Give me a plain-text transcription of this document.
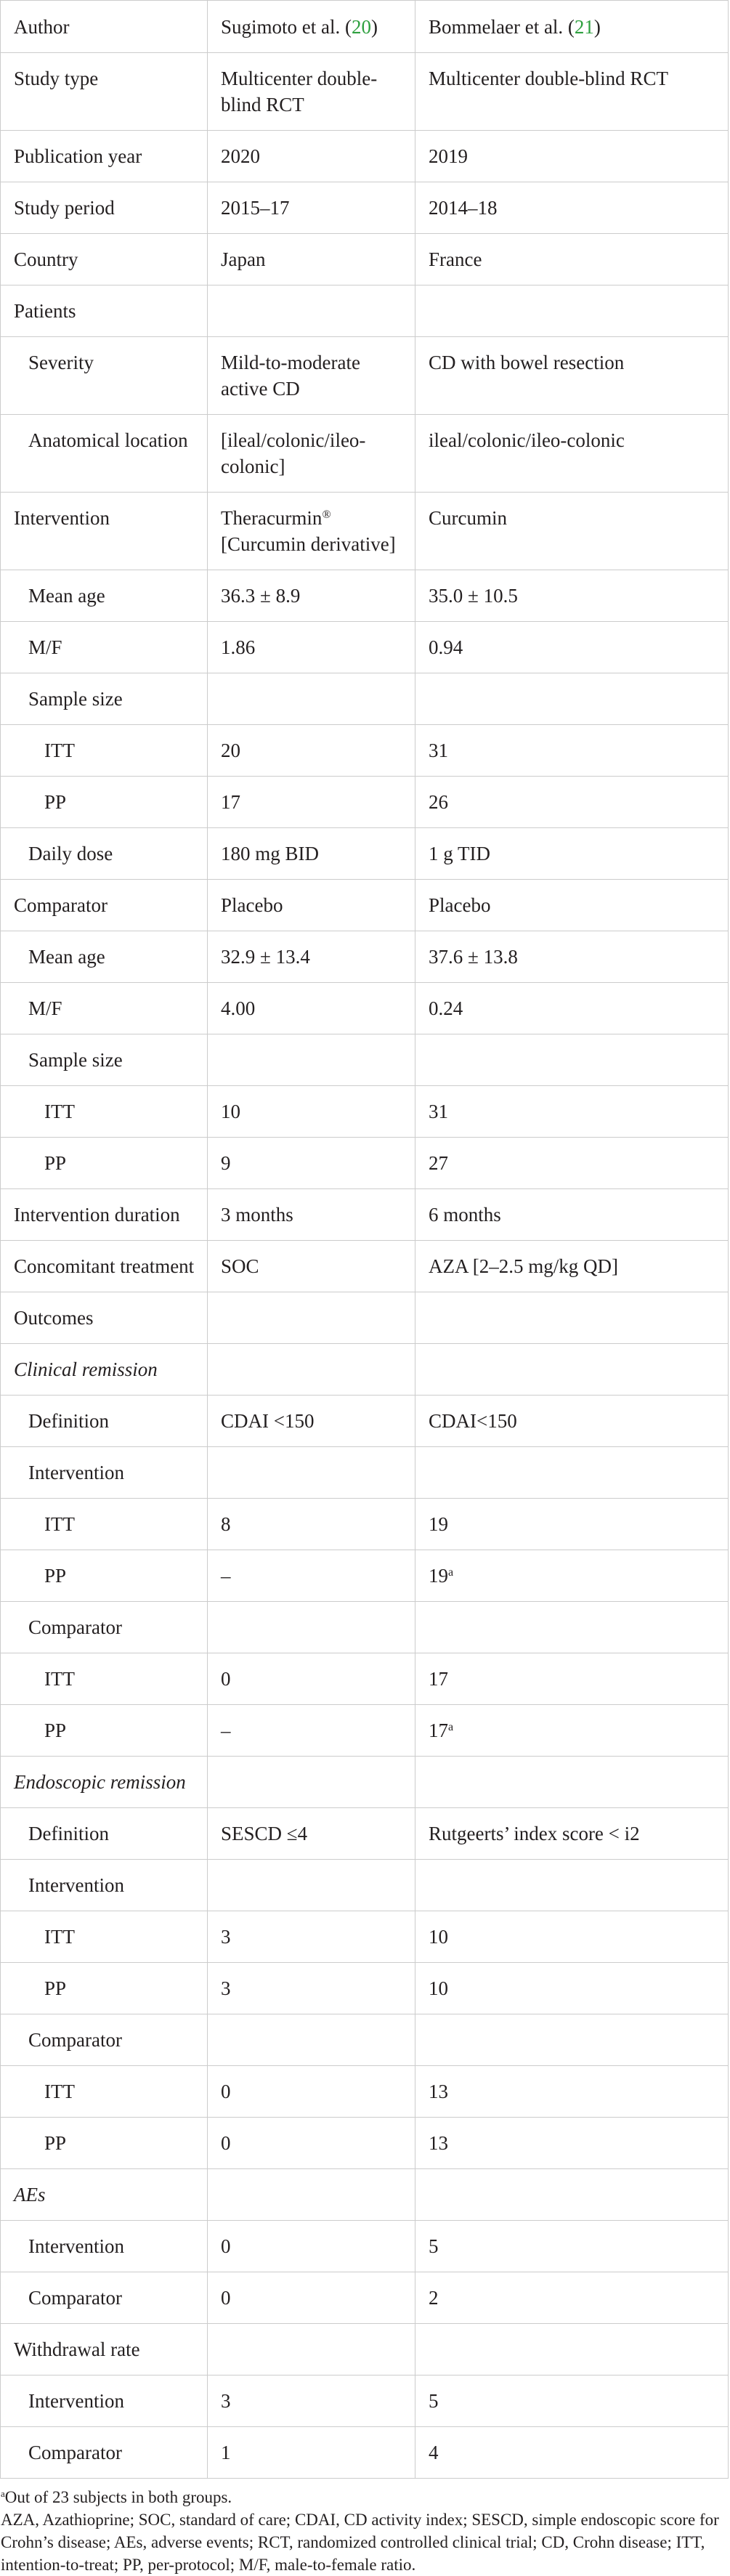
Author	Sugimoto et al. (20)	Bommelaer et al. (21)
Study type	Multicenter double-blind RCT	Multicenter double-blind RCT
Publication year	2020	2019
Study period	2015–17	2014–18
Country	Japan	France
Patients		
Severity	Mild-to-moderate active CD	CD with bowel resection
Anatomical location	[ileal/colonic/ileo-colonic]	ileal/colonic/ileo-colonic
Intervention	Theracurmin® [Curcumin derivative]	Curcumin
Mean age	36.3 ± 8.9	35.0 ± 10.5
M/F	1.86	0.94
Sample size		
ITT	20	31
PP	17	26
Daily dose	180 mg BID	1 g TID
Comparator	Placebo	Placebo
Mean age	32.9 ± 13.4	37.6 ± 13.8
M/F	4.00	0.24
Sample size		
ITT	10	31
PP	9	27
Intervention duration	3 months	6 months
Concomitant treatment	SOC	AZA [2–2.5 mg/kg QD]
Outcomes		
Clinical remission		
Definition	CDAI <150	CDAI<150
Intervention		
ITT	8	19
PP	–	19$^a$
Comparator		
ITT	0	17
PP	–	17$^a$
Endoscopic remission		
Definition	SESCD ≤4	Rutgeerts’ index score < i2
Intervention		
ITT	3	10
PP	3	10
Comparator		
ITT	0	13
PP	0	13
AEs		
Intervention	0	5
Comparator	0	2
Withdrawal rate		
Intervention	3	5
Comparator	1	4

$^a$Out of 23 subjects in both groups.

AZA, Azathioprine; SOC, standard of care; CDAI, CD activity index; SESCD, simple endoscopic score for Crohn’s disease; AEs, adverse events; RCT, randomized controlled clinical trial; CD, Crohn disease; ITT, intention-to-treat; PP, per-protocol; M/F, male-to-female ratio.
